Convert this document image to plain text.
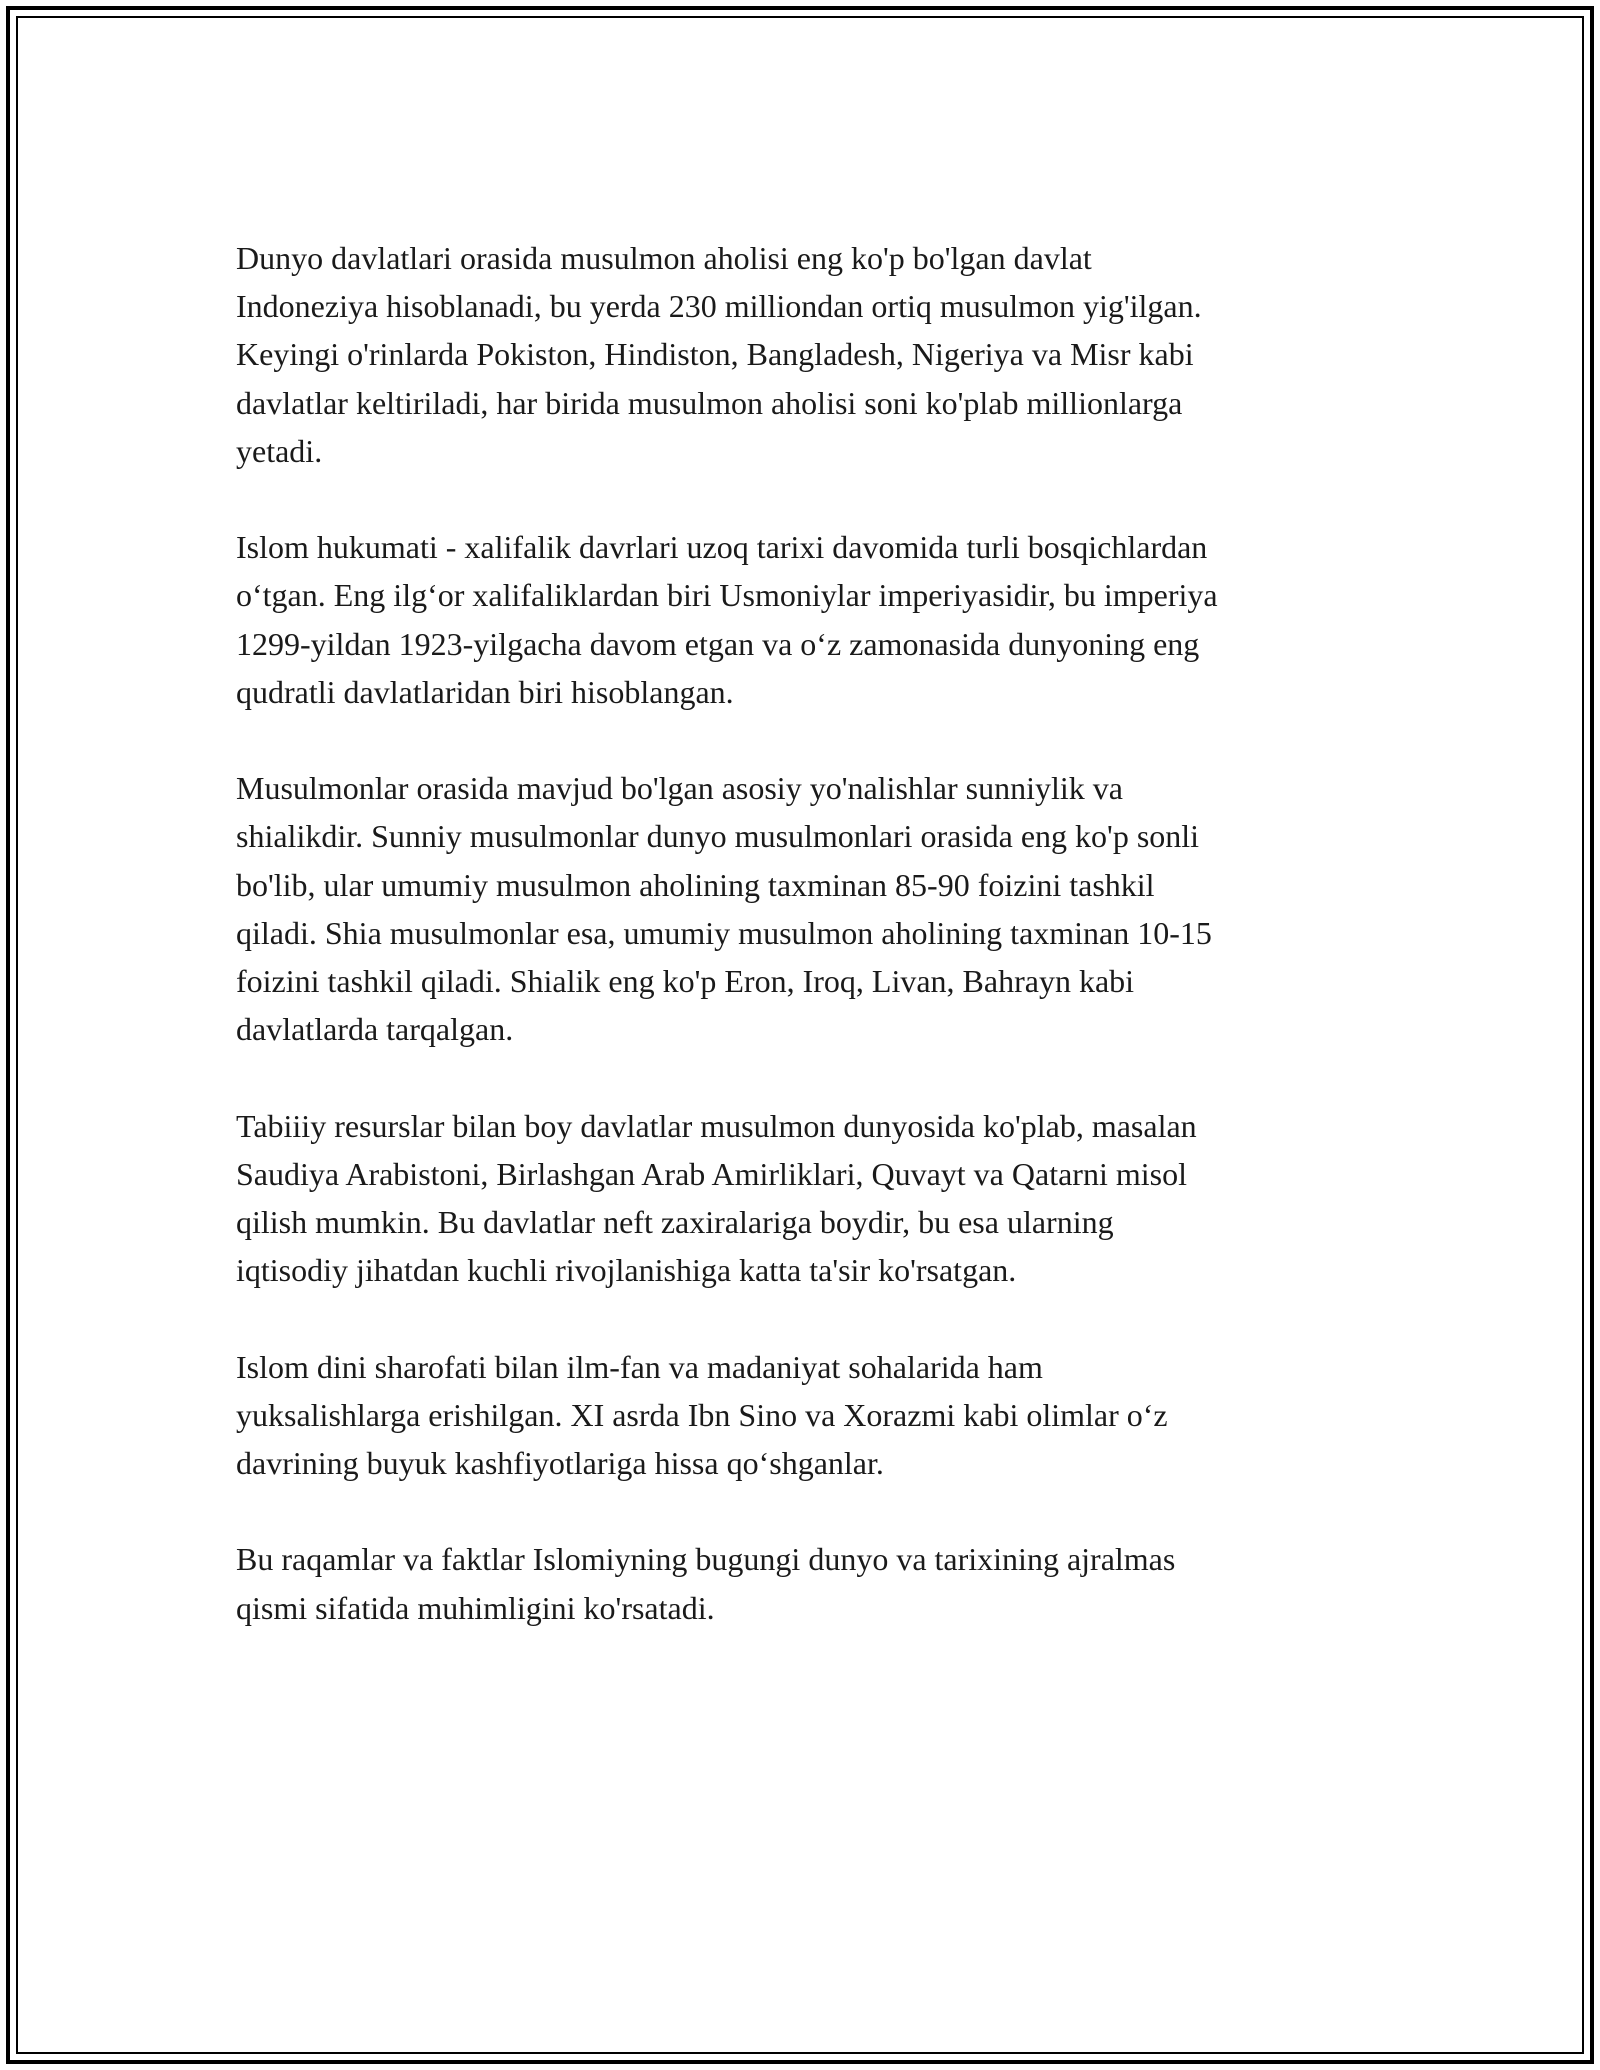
Dunyo davlatlari orasida musulmon aholisi eng ko'p bo'lgan davlat
Indoneziya hisoblanadi, bu yerda 230 milliondan ortiq musulmon yig'ilgan.
Keyingi o'rinlarda Pokiston, Hindiston, Bangladesh, Nigeriya va Misr kabi
davlatlar keltiriladi, har birida musulmon aholisi soni ko'plab millionlarga
yetadi.

Islom hukumati - xalifalik davrlari uzoq tarixi davomida turli bosqichlardan
o‘tgan. Eng ilg‘or xalifaliklardan biri Usmoniylar imperiyasidir, bu imperiya
1299-yildan 1923-yilgacha davom etgan va o‘z zamonasida dunyoning eng
qudratli davlatlaridan biri hisoblangan.

Musulmonlar orasida mavjud bo'lgan asosiy yo'nalishlar sunniylik va
shialikdir. Sunniy musulmonlar dunyo musulmonlari orasida eng ko'p sonli
bo'lib, ular umumiy musulmon aholining taxminan 85-90 foizini tashkil
qiladi. Shia musulmonlar esa, umumiy musulmon aholining taxminan 10-15
foizini tashkil qiladi. Shialik eng ko'p Eron, Iroq, Livan, Bahrayn kabi
davlatlarda tarqalgan.

Tabiiiy resurslar bilan boy davlatlar musulmon dunyosida ko'plab, masalan
Saudiya Arabistoni, Birlashgan Arab Amirliklari, Quvayt va Qatarni misol
qilish mumkin. Bu davlatlar neft zaxiralariga boydir, bu esa ularning
iqtisodiy jihatdan kuchli rivojlanishiga katta ta'sir ko'rsatgan.

Islom dini sharofati bilan ilm-fan va madaniyat sohalarida ham
yuksalishlarga erishilgan. XI asrda Ibn Sino va Xorazmi kabi olimlar o‘z
davrining buyuk kashfiyotlariga hissa qo‘shganlar.

Bu raqamlar va faktlar Islomiyning bugungi dunyo va tarixining ajralmas
qismi sifatida muhimligini ko'rsatadi.
